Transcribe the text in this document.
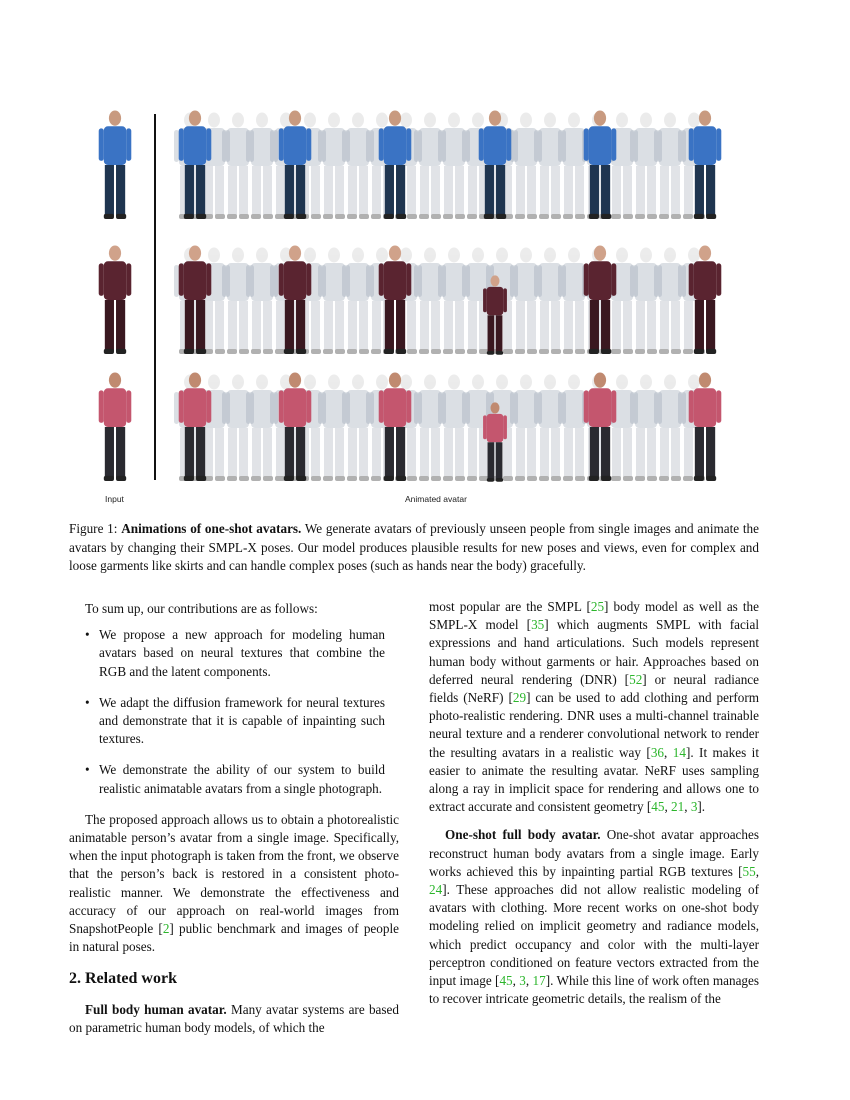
Input	Animated avatar
Figure 1: Animations of one-shot avatars. We generate avatars of previously unseen people from single images and animate the avatars by changing their SMPL-X poses. Our model produces plausible results for new poses and views, even for complex and loose garments like skirts and can handle complex poses (such as hands near the body) gracefully.

To sum up, our contributions are as follows:

• We propose a new approach for modeling human avatars based on neural textures that combine the RGB and the latent components.
• We adapt the diffusion framework for neural textures and demonstrate that it is capable of inpainting such textures.
• We demonstrate the ability of our system to build realistic animatable avatars from a single photograph.

The proposed approach allows us to obtain a photorealistic animatable person’s avatar from a single image. Specifically, when the input photograph is taken from the front, we observe that the person’s back is restored in a consistent photo-realistic manner. We demonstrate the effectiveness and accuracy of our approach on real-world images from SnapshotPeople [2] public benchmark and images of people in natural poses.

2. Related work

Full body human avatar. Many avatar systems are based on parametric human body models, of which the

most popular are the SMPL [25] body model as well as the SMPL-X model [35] which augments SMPL with facial expressions and hand articulations. Such models represent human body without garments or hair. Approaches based on deferred neural rendering (DNR) [52] or neural radiance fields (NeRF) [29] can be used to add clothing and perform photo-realistic rendering. DNR uses a multi-channel trainable neural texture and a renderer convolutional network to render the resulting avatars in a realistic way [36, 14]. It makes it easier to animate the resulting avatar. NeRF uses sampling along a ray in implicit space for rendering and allows one to extract accurate and consistent geometry [45, 21, 3].

One-shot full body avatar. One-shot avatar approaches reconstruct human body avatars from a single image. Early works achieved this by inpainting partial RGB textures [55, 24]. These approaches did not allow realistic modeling of avatars with clothing. More recent works on one-shot body modeling relied on implicit geometry and radiance models, which predict occupancy and color with the multi-layer perceptron conditioned on feature vectors extracted from the input image [45, 3, 17]. While this line of work often manages to recover intricate geometric details, the realism of the
